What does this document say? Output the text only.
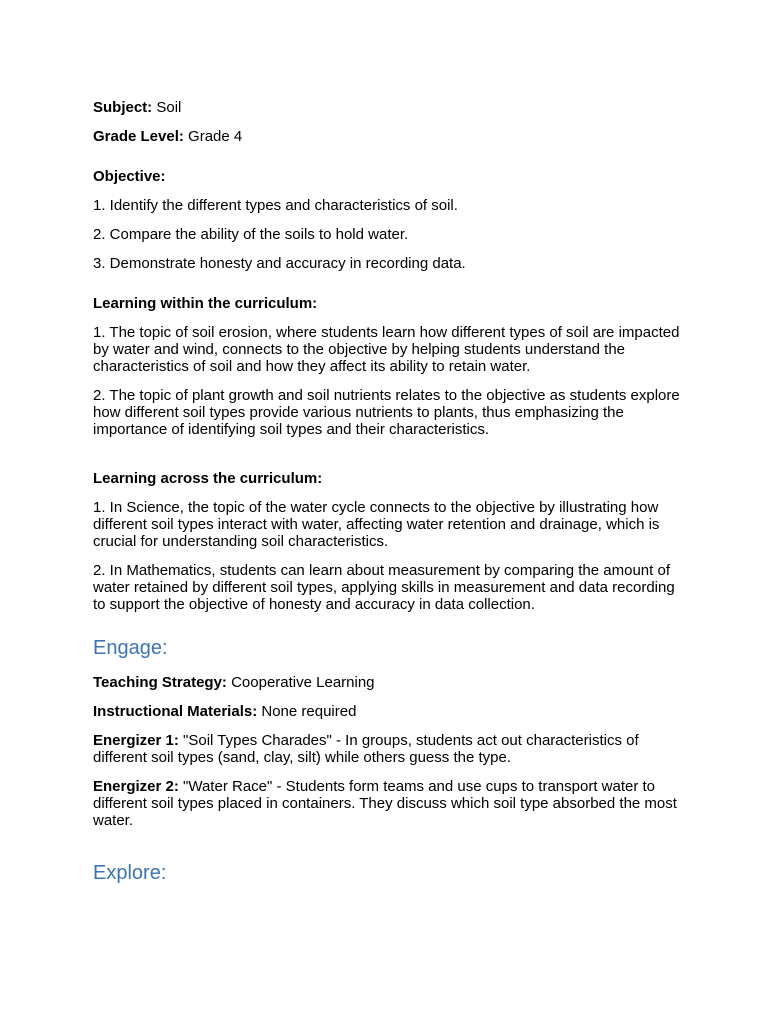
Subject: Soil

Grade Level: Grade 4

Objective:

1. Identify the different types and characteristics of soil.

2. Compare the ability of the soils to hold water.

3. Demonstrate honesty and accuracy in recording data.

Learning within the curriculum:

1. The topic of soil erosion, where students learn how different types of soil are impacted by water and wind, connects to the objective by helping students understand the characteristics of soil and how they affect its ability to retain water.

2. The topic of plant growth and soil nutrients relates to the objective as students explore how different soil types provide various nutrients to plants, thus emphasizing the importance of identifying soil types and their characteristics.

Learning across the curriculum:

1. In Science, the topic of the water cycle connects to the objective by illustrating how different soil types interact with water, affecting water retention and drainage, which is crucial for understanding soil characteristics.

2. In Mathematics, students can learn about measurement by comparing the amount of water retained by different soil types, applying skills in measurement and data recording to support the objective of honesty and accuracy in data collection.

Engage:

Teaching Strategy: Cooperative Learning

Instructional Materials: None required

Energizer 1: "Soil Types Charades" - In groups, students act out characteristics of different soil types (sand, clay, silt) while others guess the type.

Energizer 2: "Water Race" - Students form teams and use cups to transport water to different soil types placed in containers. They discuss which soil type absorbed the most water.

Explore:
